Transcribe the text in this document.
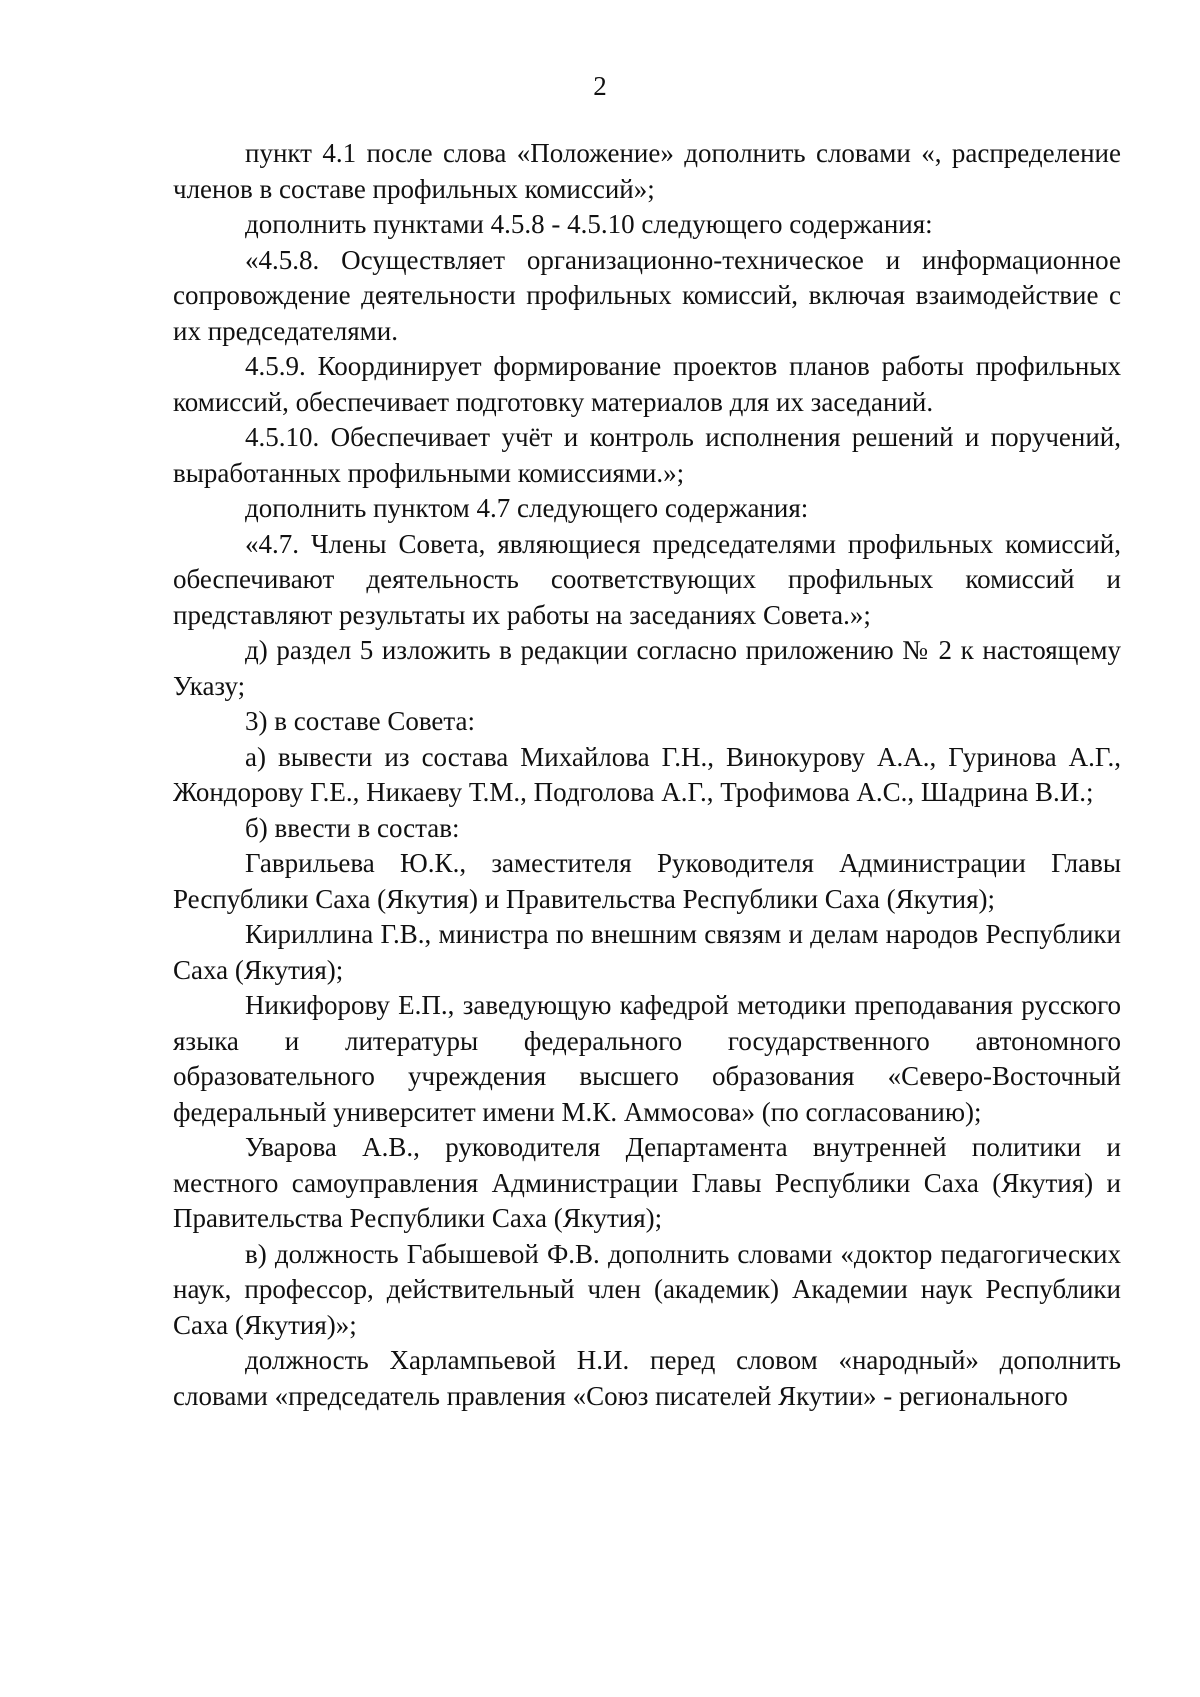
2

пункт 4.1 после слова «Положение» дополнить словами «, распределение членов в составе профильных комиссий»;

дополнить пунктами 4.5.8 - 4.5.10 следующего содержания:

«4.5.8. Осуществляет организационно-техническое и информационное сопровождение деятельности профильных комиссий, включая взаимодействие с их председателями.

4.5.9. Координирует формирование проектов планов работы профильных комиссий, обеспечивает подготовку материалов для их заседаний.

4.5.10. Обеспечивает учёт и контроль исполнения решений и поручений, выработанных профильными комиссиями.»;

дополнить пунктом 4.7 следующего содержания:

«4.7. Члены Совета, являющиеся председателями профильных комиссий, обеспечивают деятельность соответствующих профильных комиссий и представляют результаты их работы на заседаниях Совета.»;

д) раздел 5 изложить в редакции согласно приложению № 2 к настоящему Указу;

3) в составе Совета:

а) вывести из состава Михайлова Г.Н., Винокурову А.А., Гуринова А.Г., Жондорову Г.Е., Никаеву Т.М., Подголова А.Г., Трофимова А.С., Шадрина В.И.;

б) ввести в состав:

Гаврильева Ю.К., заместителя Руководителя Администрации Главы Республики Саха (Якутия) и Правительства Республики Саха (Якутия);

Кириллина Г.В., министра по внешним связям и делам народов Республики Саха (Якутия);

Никифорову Е.П., заведующую кафедрой методики преподавания русского языка и литературы федерального государственного автономного образовательного учреждения высшего образования «Северо-Восточный федеральный университет имени М.К. Аммосова» (по согласованию);

Уварова А.В., руководителя Департамента внутренней политики и местного самоуправления Администрации Главы Республики Саха (Якутия) и Правительства Республики Саха (Якутия);

в) должность Габышевой Ф.В. дополнить словами «доктор педагогических наук, профессор, действительный член (академик) Академии наук Республики Саха (Якутия)»;

должность Харлампьевой Н.И. перед словом «народный» дополнить словами «председатель правления «Союз писателей Якутии» - регионального
